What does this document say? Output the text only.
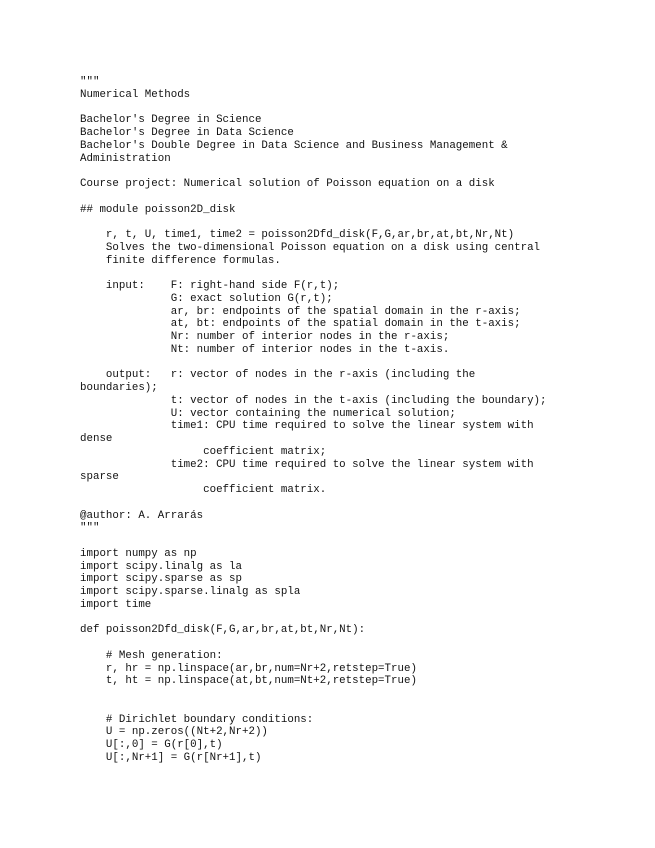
"""
Numerical Methods
Bachelor's Degree in Science
Bachelor's Degree in Data Science
Bachelor's Double Degree in Data Science and Business Management &
Administration
Course project: Numerical solution of Poisson equation on a disk
## module poisson2D_disk
r, t, U, time1, time2 = poisson2Dfd_disk(F,G,ar,br,at,bt,Nr,Nt)
Solves the two-dimensional Poisson equation on a disk using central
finite difference formulas.
input:    F: right-hand side F(r,t);
G: exact solution G(r,t);
ar, br: endpoints of the spatial domain in the r-axis;
at, bt: endpoints of the spatial domain in the t-axis;
Nr: number of interior nodes in the r-axis;
Nt: number of interior nodes in the t-axis.
output:   r: vector of nodes in the r-axis (including the
boundaries);
t: vector of nodes in the t-axis (including the boundary);
U: vector containing the numerical solution;
time1: CPU time required to solve the linear system with
dense
coefficient matrix;
time2: CPU time required to solve the linear system with
sparse
coefficient matrix.
@author: A. Arrarás
"""
import numpy as np
import scipy.linalg as la
import scipy.sparse as sp
import scipy.sparse.linalg as spla
import time
def poisson2Dfd_disk(F,G,ar,br,at,bt,Nr,Nt):
# Mesh generation:
r, hr = np.linspace(ar,br,num=Nr+2,retstep=True)
t, ht = np.linspace(at,bt,num=Nt+2,retstep=True)
# Dirichlet boundary conditions:
U = np.zeros((Nt+2,Nr+2))
U[:,0] = G(r[0],t)
U[:,Nr+1] = G(r[Nr+1],t)
